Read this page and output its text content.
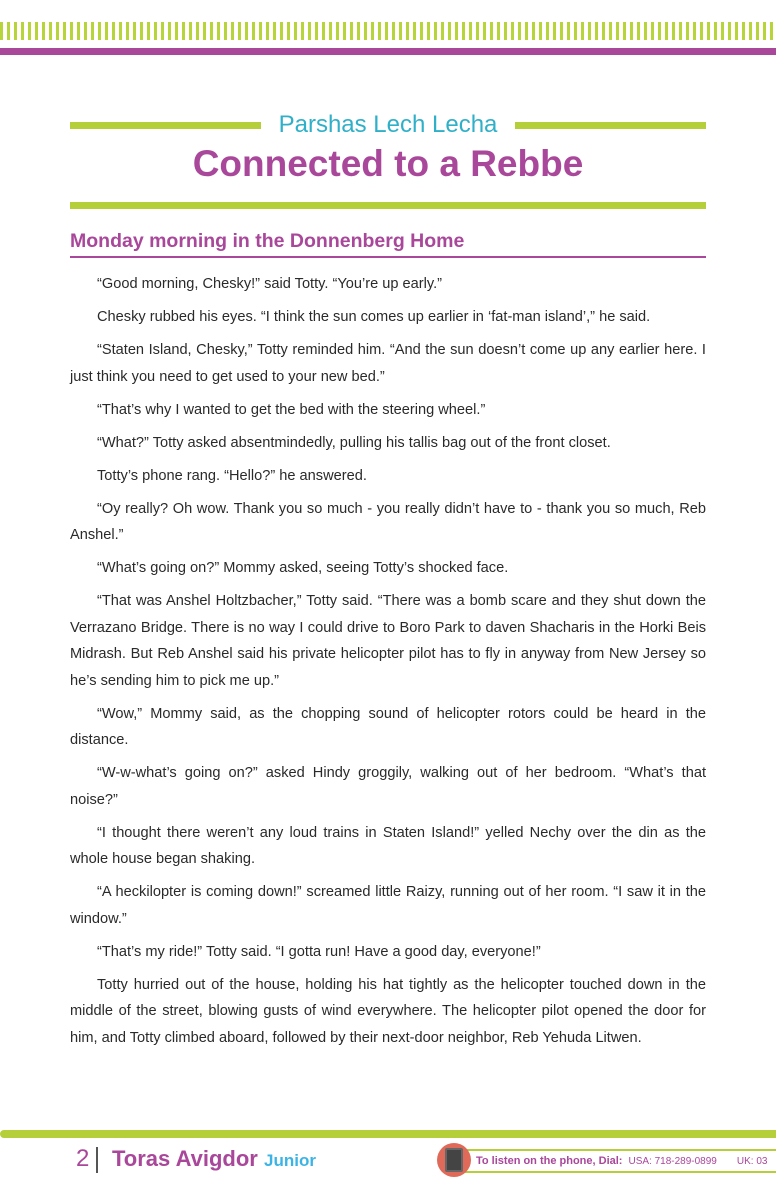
Parshas Lech Lecha
Connected to a Rebbe
Monday morning in the Donnenberg Home

“Good morning, Chesky!” said Totty. “You’re up early.”

Chesky rubbed his eyes. “I think the sun comes up earlier in ‘fat-man island’,” he said.

“Staten Island, Chesky,” Totty reminded him. “And the sun doesn’t come up any earlier here. I just think you need to get used to your new bed.”

“That’s why I wanted to get the bed with the steering wheel.”

“What?” Totty asked absentmindedly, pulling his tallis bag out of the front closet.

Totty’s phone rang. “Hello?” he answered.

“Oy really? Oh wow. Thank you so much - you really didn’t have to - thank you so much, Reb Anshel.”

“What’s going on?” Mommy asked, seeing Totty’s shocked face.

“That was Anshel Holtzbacher,” Totty said. “There was a bomb scare and they shut down the Verrazano Bridge. There is no way I could drive to Boro Park to daven Shacharis in the Horki Beis Midrash. But Reb Anshel said his private helicopter pilot has to fly in anyway from New Jersey so he’s sending him to pick me up.”

“Wow,” Mommy said, as the chopping sound of helicopter rotors could be heard in the distance.

“W-w-what’s going on?” asked Hindy groggily, walking out of her bedroom. “What’s that noise?”

“I thought there weren’t any loud trains in Staten Island!” yelled Nechy over the din as the whole house began shaking.

“A heckilopter is coming down!” screamed little Raizy, running out of her room. “I saw it in the window.”

“That’s my ride!” Totty said. “I gotta run! Have a good day, everyone!”

Totty hurried out of the house, holding his hat tightly as the helicopter touched down in the middle of the street, blowing gusts of wind everywhere. The helicopter pilot opened the door for him, and Totty climbed aboard, followed by their next-door neighbor, Reb Yehuda Litwen.

2 Toras Avigdor Junior	To listen on the phone, Dial: USA: 718-289-0899 UK: 03
